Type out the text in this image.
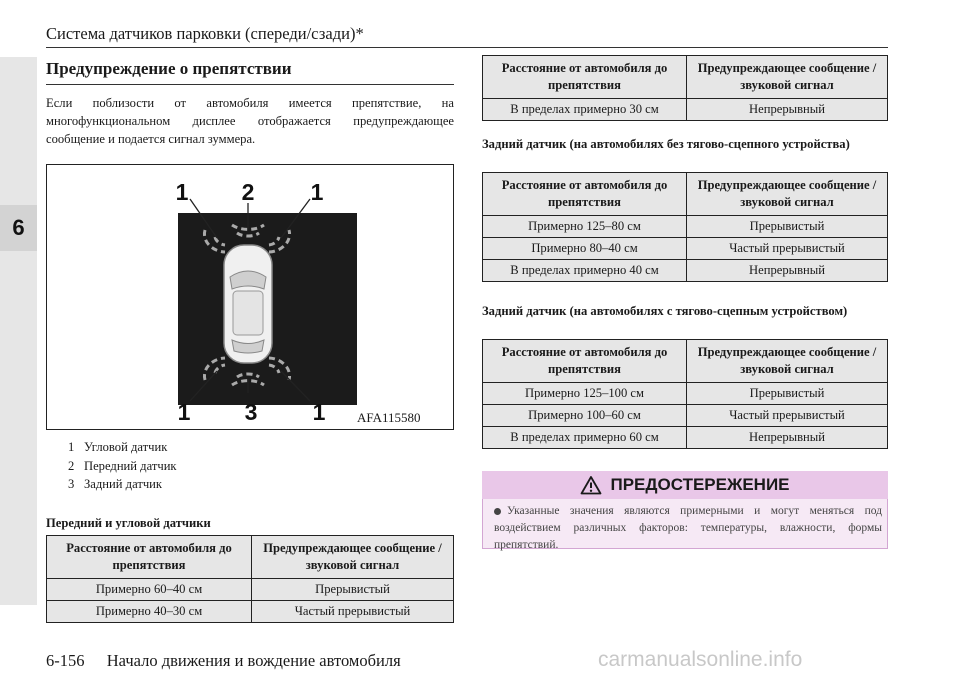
6
Система датчиков парковки (спереди/сзади)*
Предупреждение о препятствии
Если поблизости от автомобиля имеется препятствие, на многофункциональном дисплее отображается предупреждающее сообщение и подается сигнал зуммера.
1 2 1
1 3 1 AFA115580
1 Угловой датчик
2 Передний датчик
3 Задний датчик
Передний и угловой датчики
Расстояние от автомобиля до препятствия	Предупреждающее сообщение / звуковой сигнал
Примерно 60–40 см	Прерывистый
Примерно 40–30 см	Частый прерывистый
Расстояние от автомобиля до препятствия	Предупреждающее сообщение / звуковой сигнал
В пределах примерно 30 см	Непрерывный
Задний датчик (на автомобилях без тягово-сцепного устройства)
Расстояние от автомобиля до препятствия	Предупреждающее сообщение / звуковой сигнал
Примерно 125–80 см	Прерывистый
Примерно 80–40 см	Частый прерывистый
В пределах примерно 40 см	Непрерывный
Задний датчик (на автомобилях с тягово-сцепным устройством)
Расстояние от автомобиля до препятствия	Предупреждающее сообщение / звуковой сигнал
Примерно 125–100 см	Прерывистый
Примерно 100–60 см	Частый прерывистый
В пределах примерно 60 см	Непрерывный
ПРЕДОСТЕРЕЖЕНИЕ
Указанные значения являются примерными и могут меняться под воздействием различных факторов: температуры, влажности, формы препятствий.
6-156 Начало движения и вождение автомобиля	carmanualsonline.info
